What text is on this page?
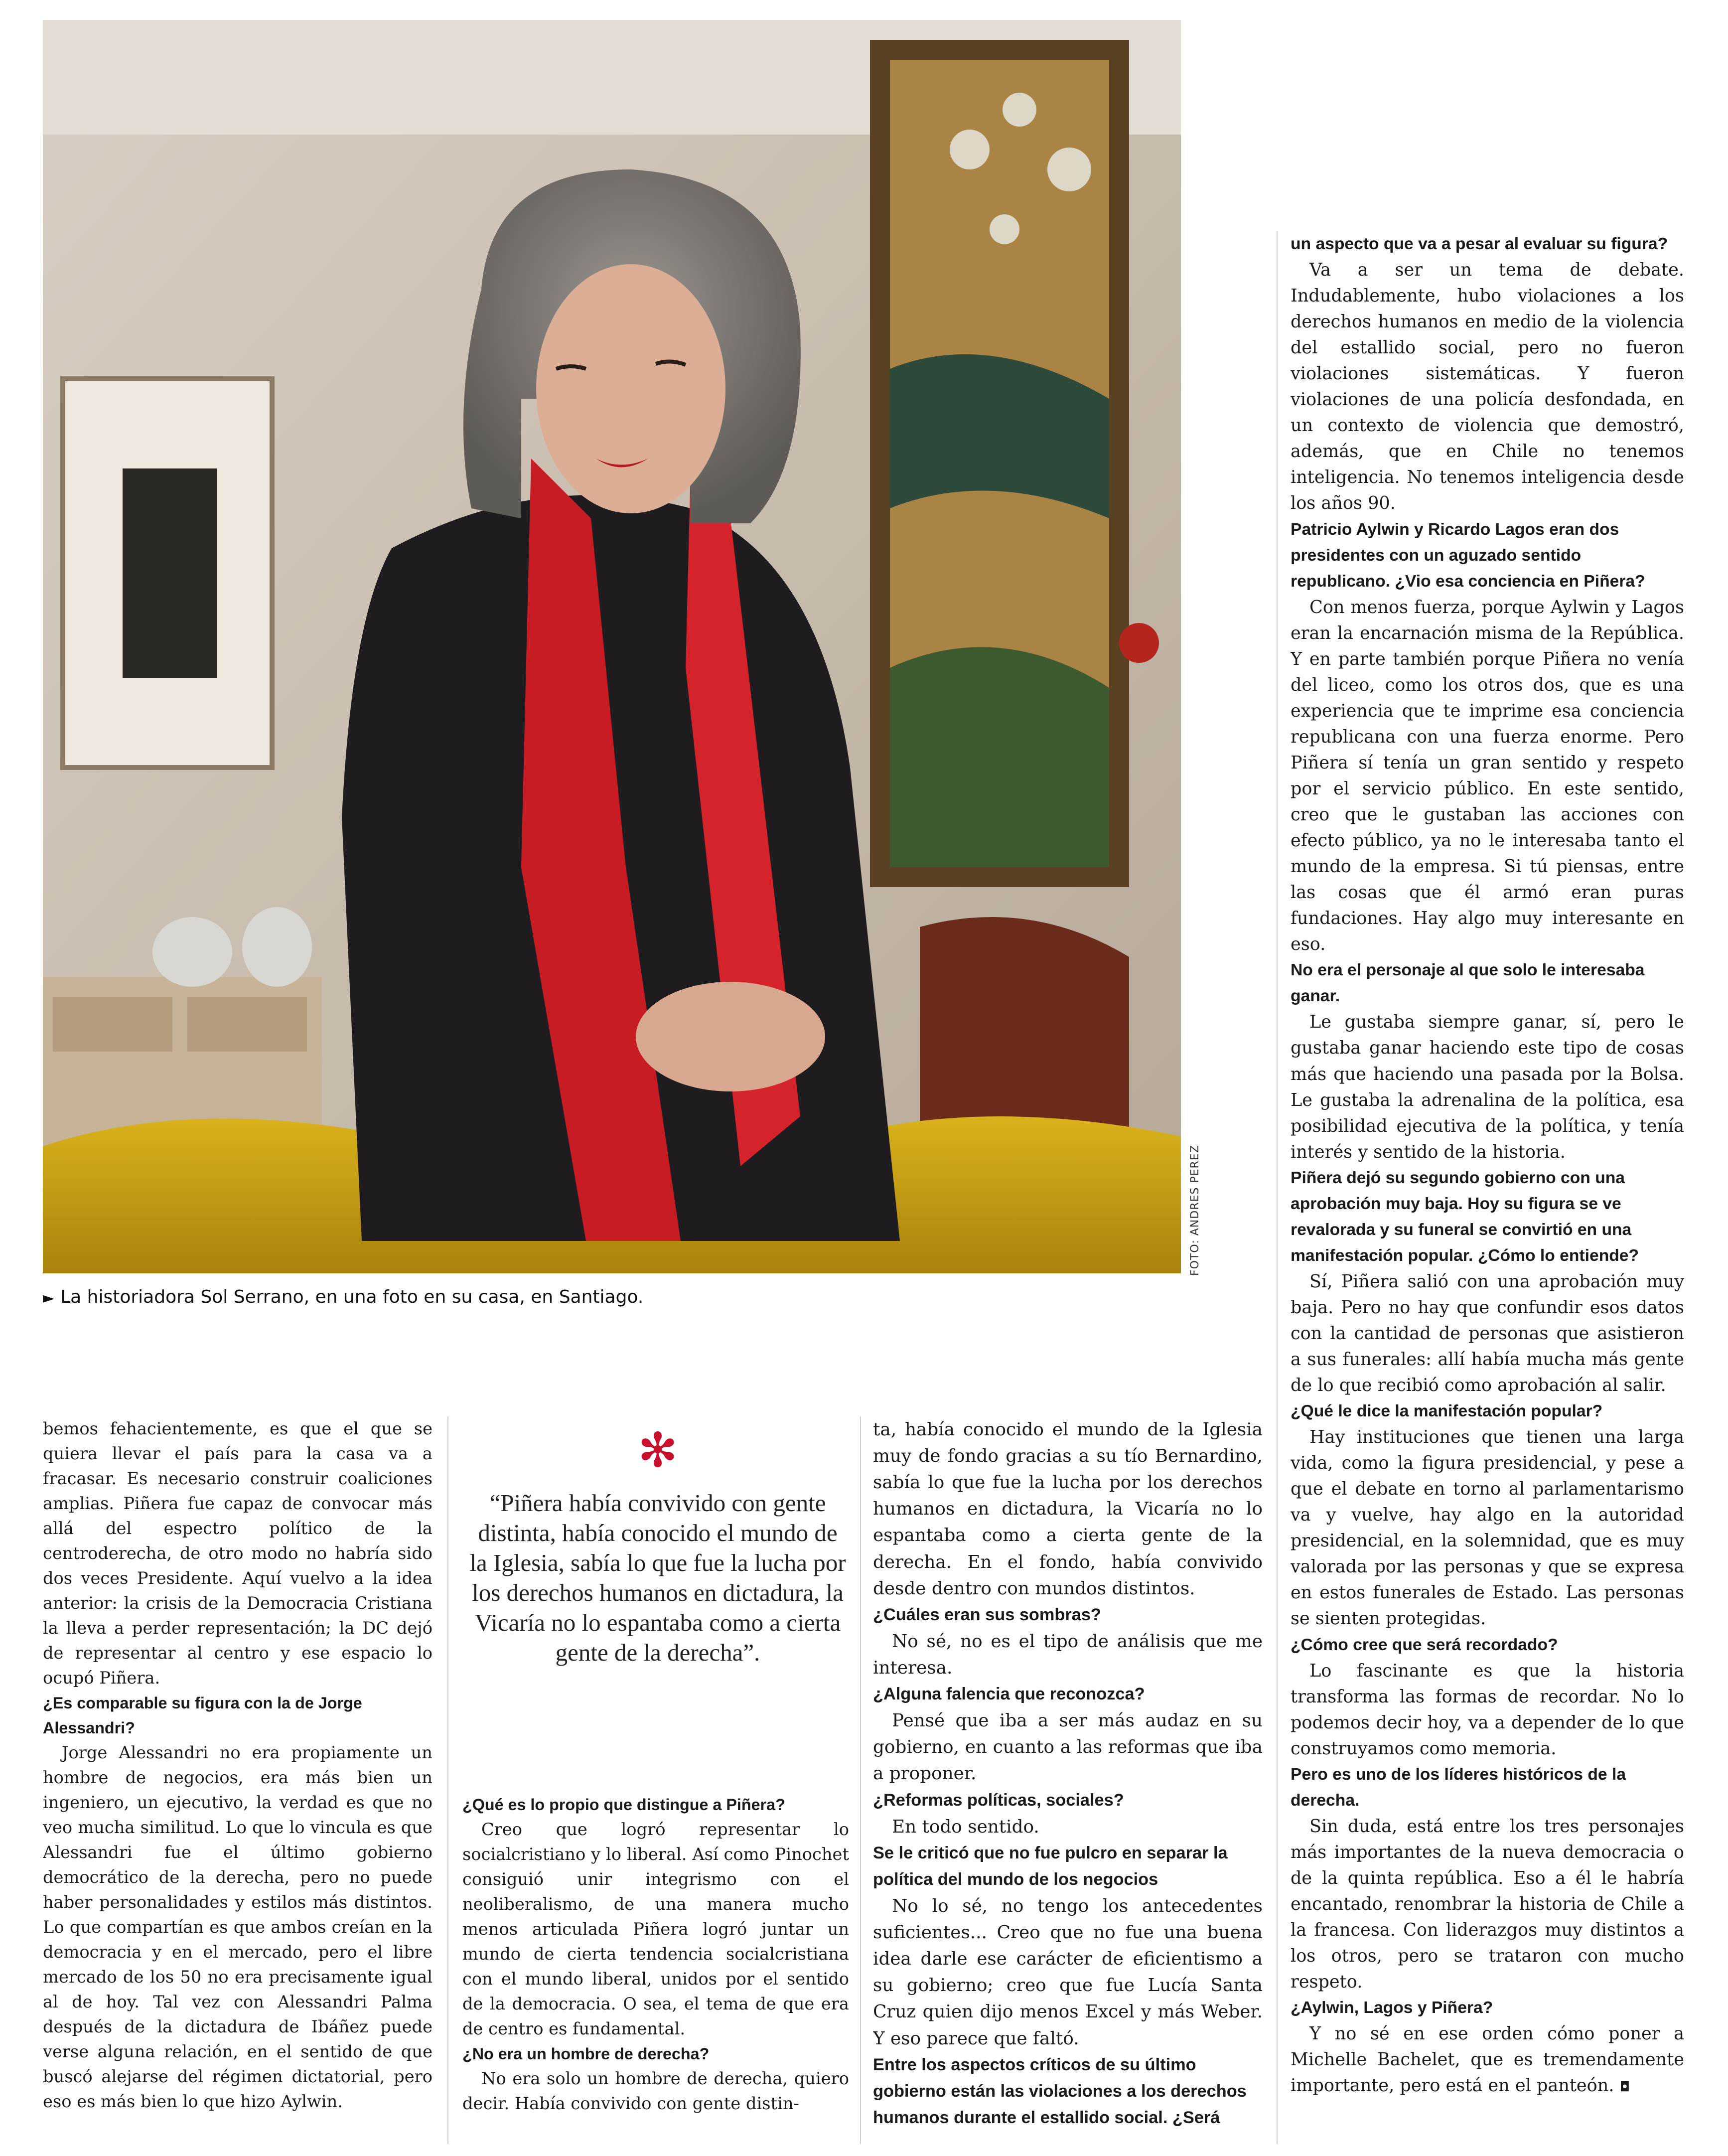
FOTO: ANDRES PEREZ
► La historiadora Sol Serrano, en una foto en su casa, en Santiago.
✻
“Piñera había convivido con gente distinta, había conocido el mundo de la Iglesia, sabía lo que fue la lucha por los derechos humanos en dictadura, la Vicaría no lo espantaba como a cierta gente de la derecha”.

bemos fehacientemente, es que el que se quiera llevar el país para la casa va a fracasar. Es necesario construir coaliciones amplias. Piñera fue capaz de convocar más allá del espectro político de la centroderecha, de otro modo no habría sido dos veces Presidente. Aquí vuelvo a la idea anterior: la crisis de la Democracia Cristiana la lleva a perder representación; la DC dejó de representar al centro y ese espacio lo ocupó Piñera.

¿Es comparable su figura con la de Jorge Alessandri?

Jorge Alessandri no era propiamente un hombre de negocios, era más bien un ingeniero, un ejecutivo, la verdad es que no veo mucha similitud. Lo que lo vincula es que Alessandri fue el último gobierno democrático de la derecha, pero no puede haber personalidades y estilos más distintos. Lo que compartían es que ambos creían en la democracia y en el mercado, pero el libre mercado de los 50 no era precisamente igual al de hoy. Tal vez con Alessandri Palma después de la dictadura de Ibáñez puede verse alguna relación, en el sentido de que buscó alejarse del régimen dictatorial, pero eso es más bien lo que hizo Aylwin.

¿Qué es lo propio que distingue a Piñera?

Creo que logró representar lo socialcristiano y lo liberal. Así como Pinochet consiguió unir integrismo con el neoliberalismo, de una manera mucho menos articulada Piñera logró juntar un mundo de cierta tendencia socialcristiana con el mundo liberal, unidos por el sentido de la democracia. O sea, el tema de que era de centro es fundamental.

¿No era un hombre de derecha?

No era solo un hombre de derecha, quiero decir. Había convivido con gente distin-

ta, había conocido el mundo de la Iglesia muy de fondo gracias a su tío Bernardino, sabía lo que fue la lucha por los derechos humanos en dictadura, la Vicaría no lo espantaba como a cierta gente de la derecha. En el fondo, había convivido desde dentro con mundos distintos.

¿Cuáles eran sus sombras?

No sé, no es el tipo de análisis que me interesa.

¿Alguna falencia que reconozca?

Pensé que iba a ser más audaz en su gobierno, en cuanto a las reformas que iba a proponer.

¿Reformas políticas, sociales?

En todo sentido.

Se le criticó que no fue pulcro en separar la política del mundo de los negocios

No lo sé, no tengo los antecedentes suficientes... Creo que no fue una buena idea darle ese carácter de eficientismo a su gobierno; creo que fue Lucía Santa Cruz quien dijo menos Excel y más Weber. Y eso parece que faltó.

Entre los aspectos críticos de su último gobierno están las violaciones a los derechos humanos durante el estallido social. ¿Será

un aspecto que va a pesar al evaluar su figura?

Va a ser un tema de debate. Indudablemente, hubo violaciones a los derechos humanos en medio de la violencia del estallido social, pero no fueron violaciones sistemáticas. Y fueron violaciones de una policía desfondada, en un contexto de violencia que demostró, además, que en Chile no tenemos inteligencia. No tenemos inteligencia desde los años 90.

Patricio Aylwin y Ricardo Lagos eran dos presidentes con un aguzado sentido republicano. ¿Vio esa conciencia en Piñera?

Con menos fuerza, porque Aylwin y Lagos eran la encarnación misma de la República. Y en parte también porque Piñera no venía del liceo, como los otros dos, que es una experiencia que te imprime esa conciencia republicana con una fuerza enorme. Pero Piñera sí tenía un gran sentido y respeto por el servicio público. En este sentido, creo que le gustaban las acciones con efecto público, ya no le interesaba tanto el mundo de la empresa. Si tú piensas, entre las cosas que él armó eran puras fundaciones. Hay algo muy interesante en eso.

No era el personaje al que solo le interesaba ganar.

Le gustaba siempre ganar, sí, pero le gustaba ganar haciendo este tipo de cosas más que haciendo una pasada por la Bolsa. Le gustaba la adrenalina de la política, esa posibilidad ejecutiva de la política, y tenía interés y sentido de la historia.

Piñera dejó su segundo gobierno con una aprobación muy baja. Hoy su figura se ve revalorada y su funeral se convirtió en una manifestación popular. ¿Cómo lo entiende?

Sí, Piñera salió con una aprobación muy baja. Pero no hay que confundir esos datos con la cantidad de personas que asistieron a sus funerales: allí había mucha más gente de lo que recibió como aprobación al salir.

¿Qué le dice la manifestación popular?

Hay instituciones que tienen una larga vida, como la figura presidencial, y pese a que el debate en torno al parlamentarismo va y vuelve, hay algo en la autoridad presidencial, en la solemnidad, que es muy valorada por las personas y que se expresa en estos funerales de Estado. Las personas se sienten protegidas.

¿Cómo cree que será recordado?

Lo fascinante es que la historia transforma las formas de recordar. No lo podemos decir hoy, va a depender de lo que construyamos como memoria.

Pero es uno de los líderes históricos de la derecha.

Sin duda, está entre los tres personajes más importantes de la nueva democracia o de la quinta república. Eso a él le habría encantado, renombrar la historia de Chile a la francesa. Con liderazgos muy distintos a los otros, pero se trataron con mucho respeto.

¿Aylwin, Lagos y Piñera?

Y no sé en ese orden cómo poner a Michelle Bachelet, que es tremendamente importante, pero está en el panteón. ◘
